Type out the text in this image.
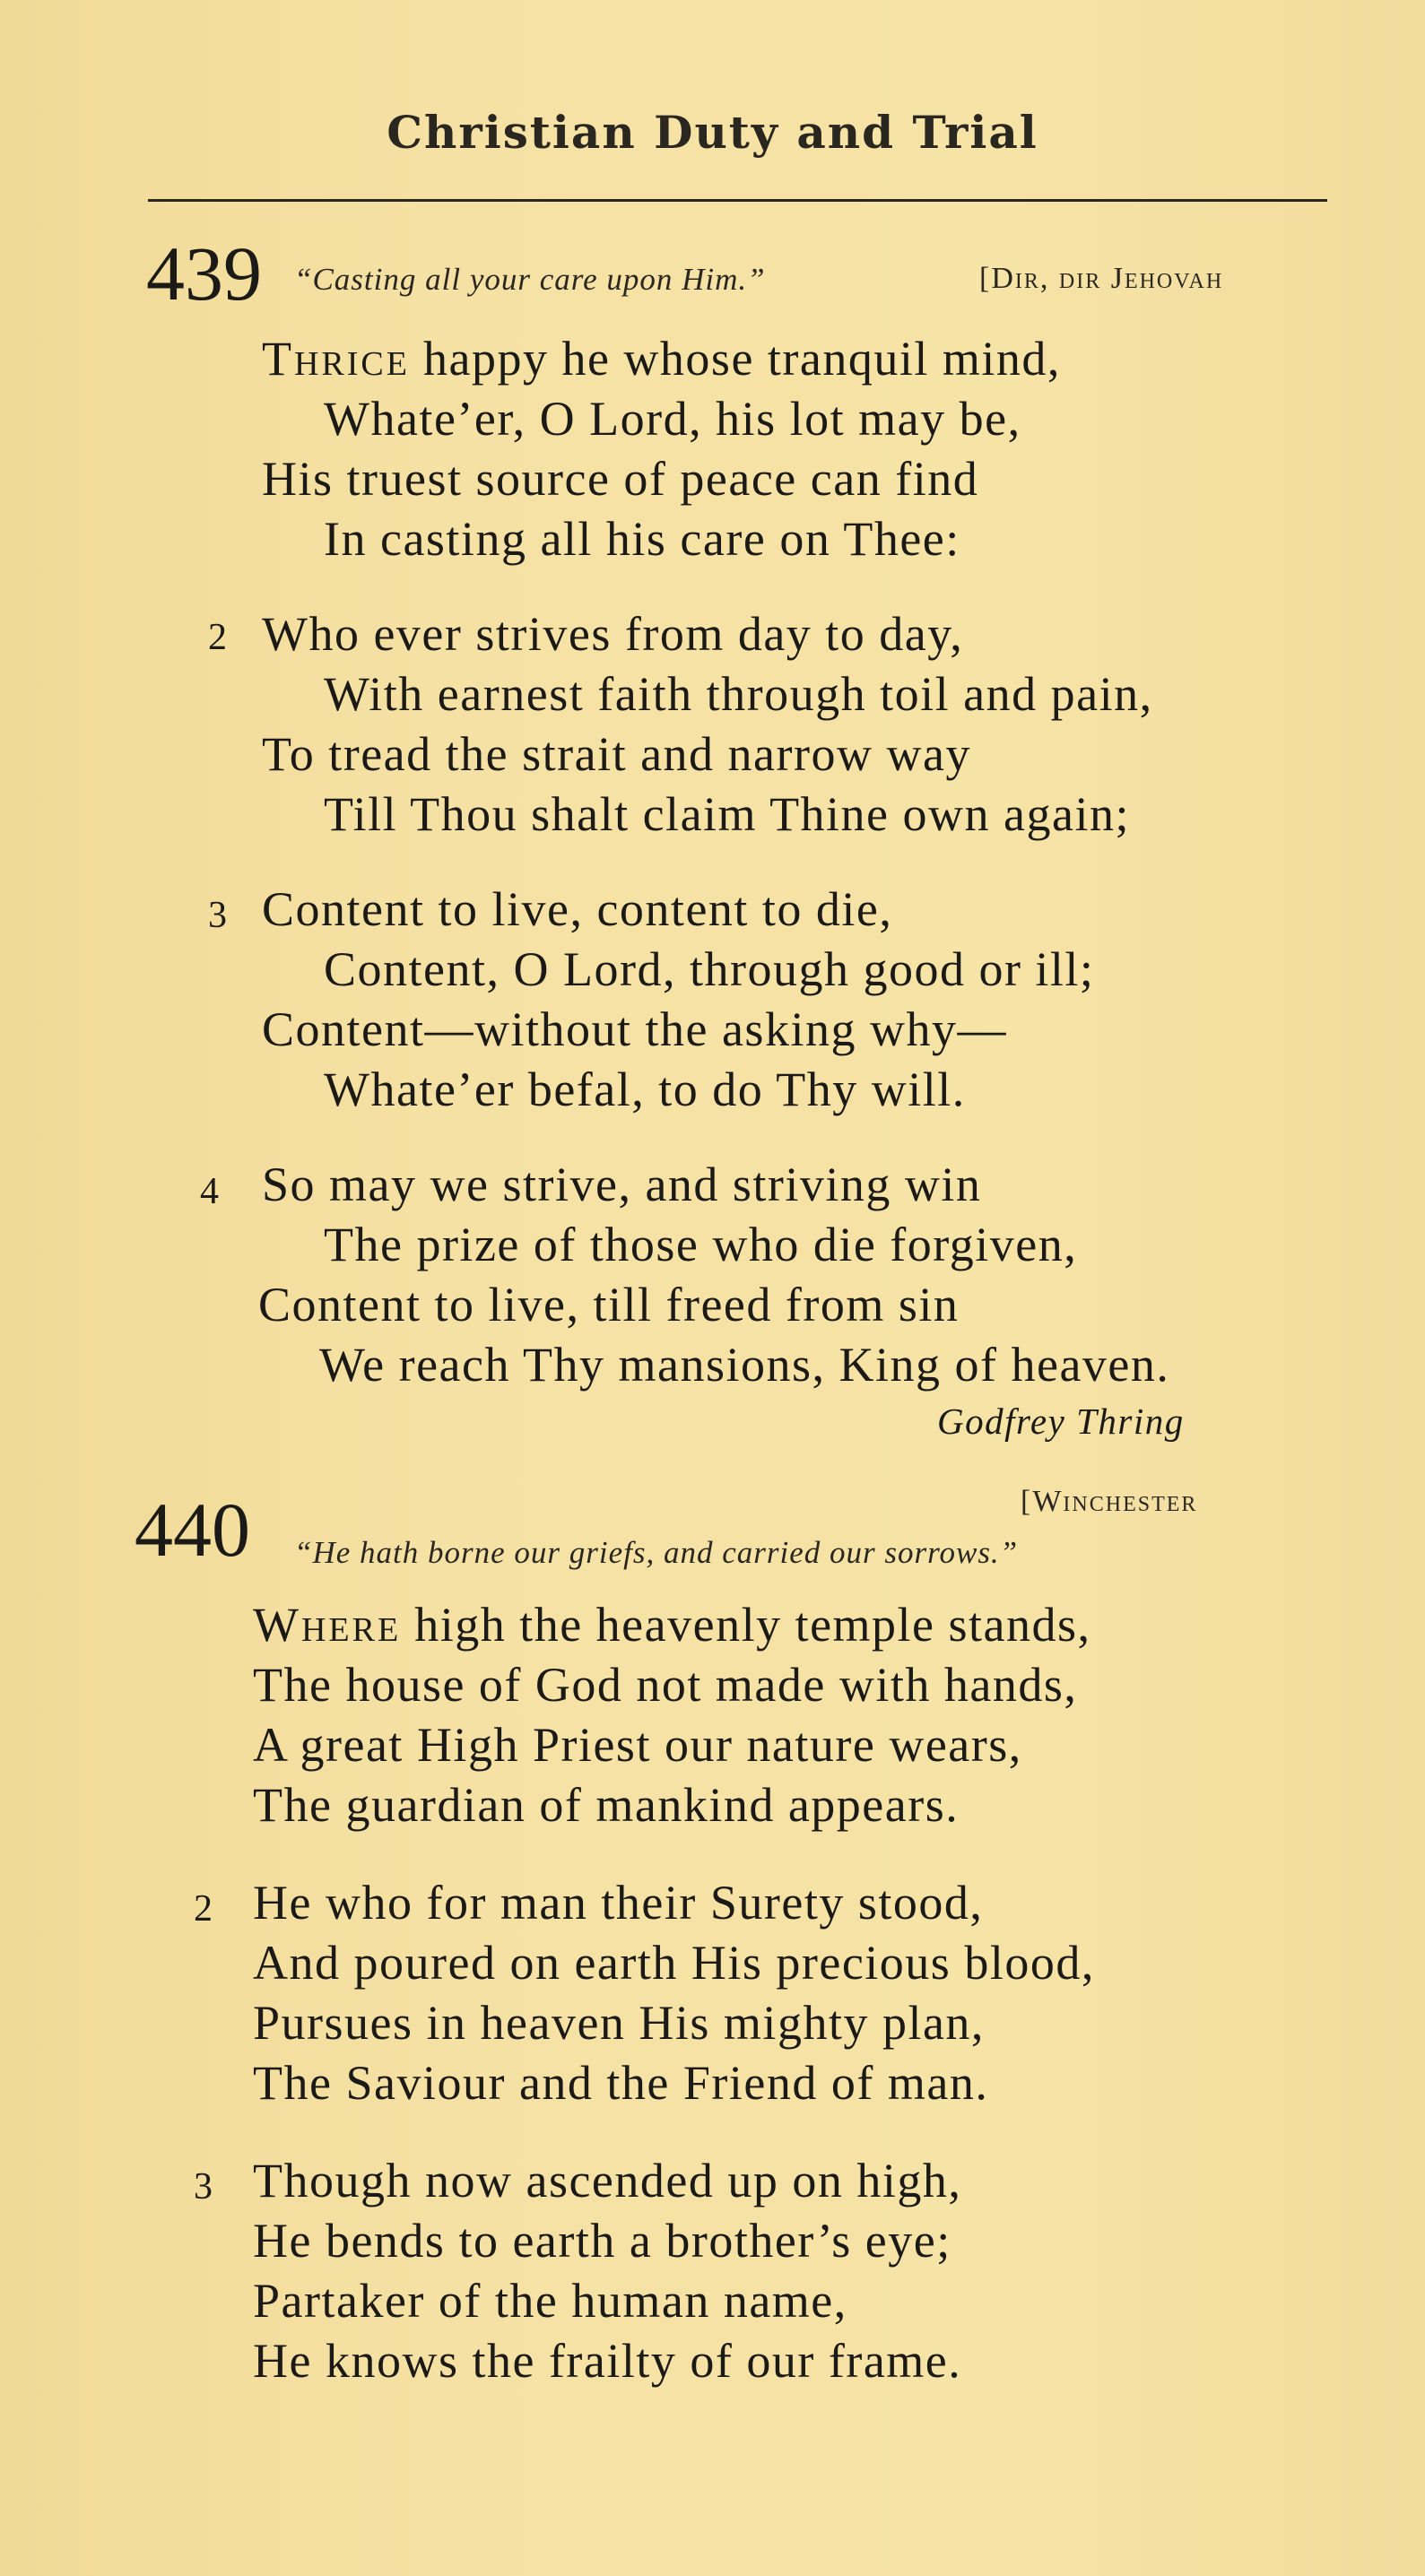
Christian Duty and Trial
439 “Casting all your care upon Him.”	[Dir, dir Jehovah
Thrice happy he whose tranquil mind,
Whate’er, O Lord, his lot may be,
His truest source of peace can find
In casting all his care on Thee:
2 Who ever strives from day to day,
With earnest faith through toil and pain,
To tread the strait and narrow way
Till Thou shalt claim Thine own again;
3 Content to live, content to die,
Content, O Lord, through good or ill;
Content—without the asking why—
Whate’er befal, to do Thy will.
4 So may we strive, and striving win
The prize of those who die forgiven,
Content to live, till freed from sin
We reach Thy mansions, King of heaven.
Godfrey Thring
440	[Winchester
“He hath borne our griefs, and carried our sorrows.”
Where high the heavenly temple stands,
The house of God not made with hands,
A great High Priest our nature wears,
The guardian of mankind appears.
2 He who for man their Surety stood,
And poured on earth His precious blood,
Pursues in heaven His mighty plan,
The Saviour and the Friend of man.
3 Though now ascended up on high,
He bends to earth a brother’s eye;
Partaker of the human name,
He knows the frailty of our frame.
